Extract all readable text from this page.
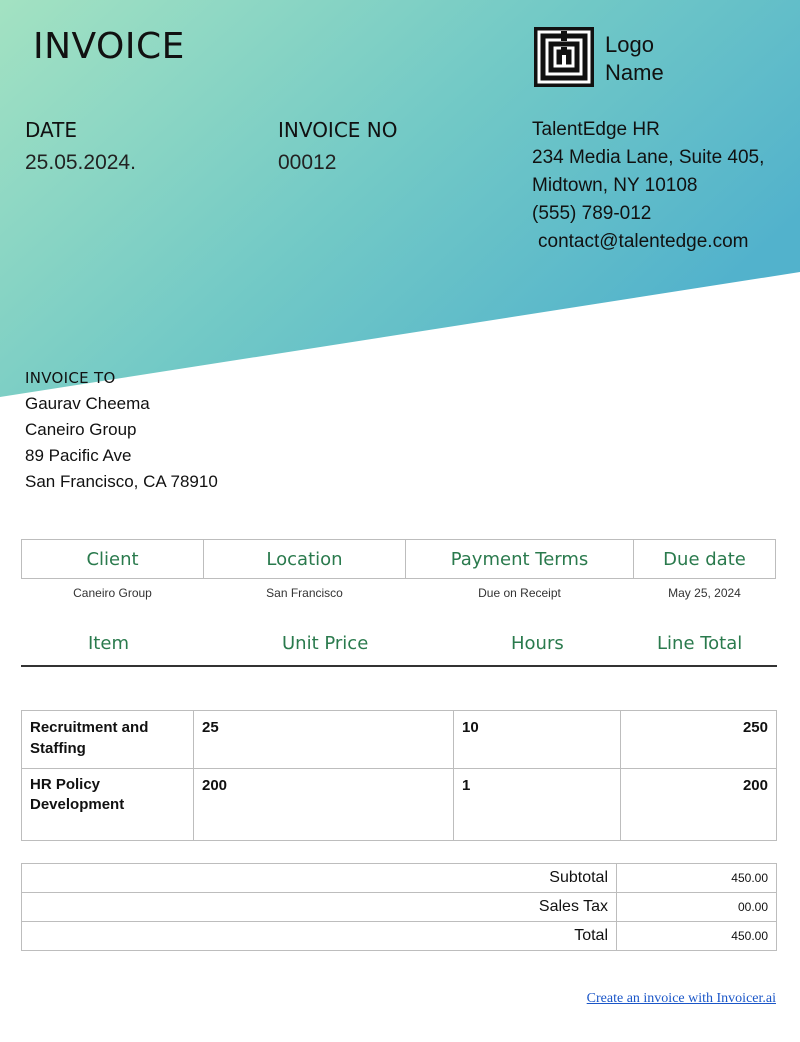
INVOICE	Logo
Name
DATE
25.05.2024.
INVOICE NO
00012
TalentEdge HR
234 Media Lane, Suite 405,
Midtown, NY 10108
(555) 789-012
contact@talentedge.com
INVOICE TO
Gaurav Cheema
Caneiro Group
89 Pacific Ave
San Francisco, CA 78910
Client	Location	Payment Terms	Due date
Caneiro Group	San Francisco	Due on Receipt	May 25, 2024
Item	Unit Price	Hours	Line Total
Recruitment and Staffing	25	10	250
HR Policy Development	200	1	200
Subtotal	450.00
Sales Tax	00.00
Total	450.00
Create an invoice with Invoicer.ai
